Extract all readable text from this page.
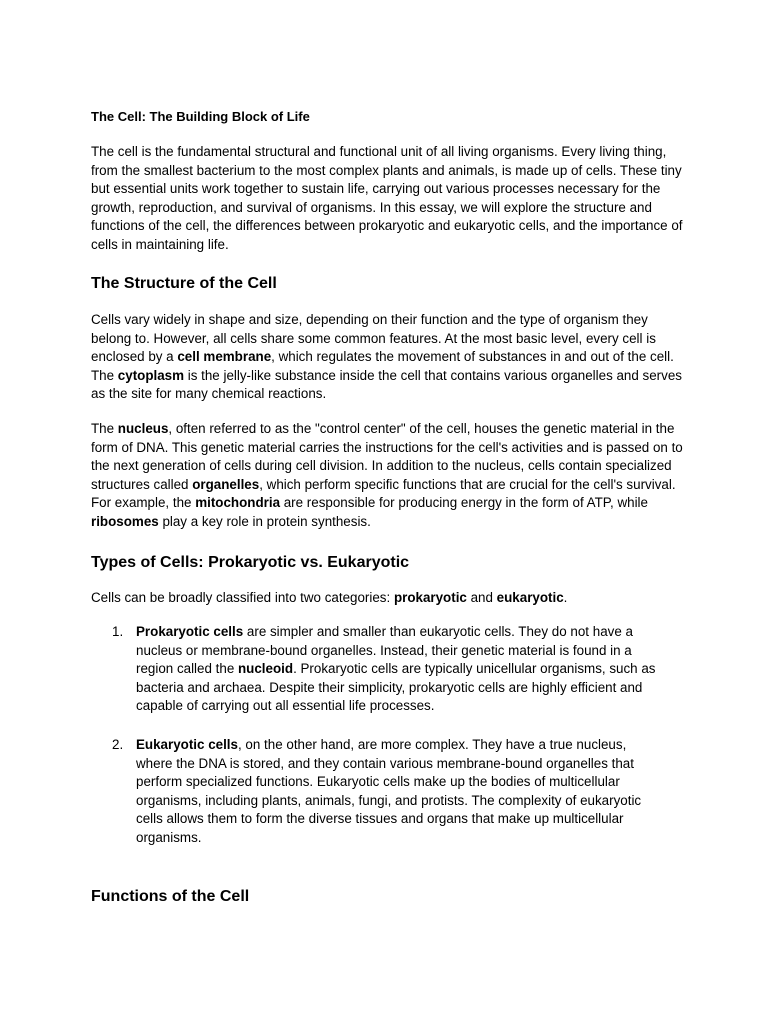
The Cell: The Building Block of Life

The cell is the fundamental structural and functional unit of all living organisms. Every living thing, from the smallest bacterium to the most complex plants and animals, is made up of cells. These tiny but essential units work together to sustain life, carrying out various processes necessary for the growth, reproduction, and survival of organisms. In this essay, we will explore the structure and functions of the cell, the differences between prokaryotic and eukaryotic cells, and the importance of cells in maintaining life.

The Structure of the Cell

Cells vary widely in shape and size, depending on their function and the type of organism they belong to. However, all cells share some common features. At the most basic level, every cell is enclosed by a cell membrane, which regulates the movement of substances in and out of the cell. The cytoplasm is the jelly-like substance inside the cell that contains various organelles and serves as the site for many chemical reactions.

The nucleus, often referred to as the "control center" of the cell, houses the genetic material in the form of DNA. This genetic material carries the instructions for the cell's activities and is passed on to the next generation of cells during cell division. In addition to the nucleus, cells contain specialized structures called organelles, which perform specific functions that are crucial for the cell's survival. For example, the mitochondria are responsible for producing energy in the form of ATP, while ribosomes play a key role in protein synthesis.

Types of Cells: Prokaryotic vs. Eukaryotic

Cells can be broadly classified into two categories: prokaryotic and eukaryotic.

1. Prokaryotic cells are simpler and smaller than eukaryotic cells. They do not have a nucleus or membrane-bound organelles. Instead, their genetic material is found in a region called the nucleoid. Prokaryotic cells are typically unicellular organisms, such as bacteria and archaea. Despite their simplicity, prokaryotic cells are highly efficient and capable of carrying out all essential life processes.

2. Eukaryotic cells, on the other hand, are more complex. They have a true nucleus, where the DNA is stored, and they contain various membrane-bound organelles that perform specialized functions. Eukaryotic cells make up the bodies of multicellular organisms, including plants, animals, fungi, and protists. The complexity of eukaryotic cells allows them to form the diverse tissues and organs that make up multicellular organisms.

Functions of the Cell
